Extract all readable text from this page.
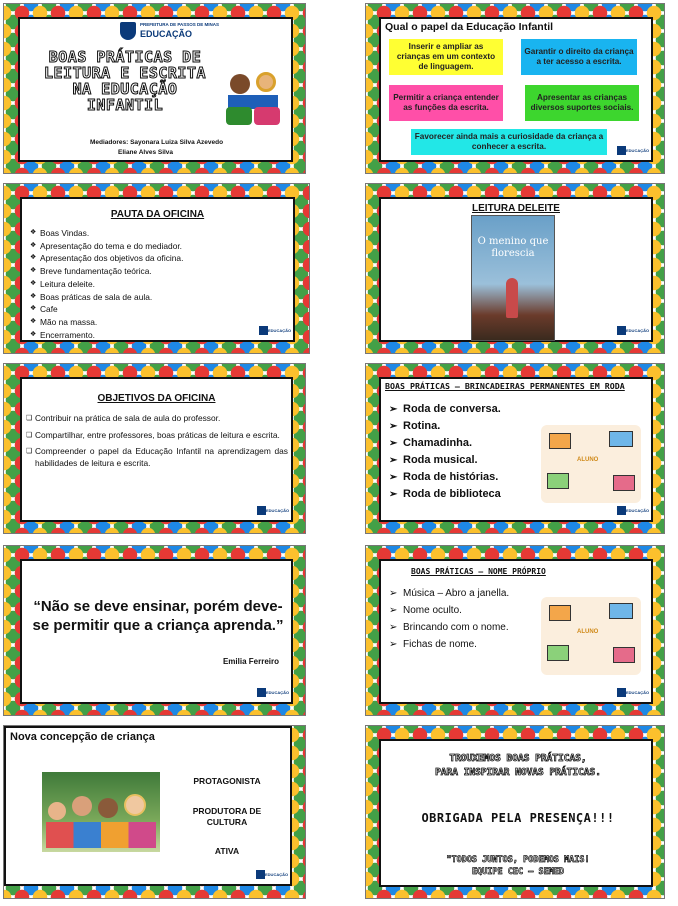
PREFEITURA DE PASSOS DE MINAS
EDUCAÇÃO
BOAS PRÁTICAS DE LEITURA E ESCRITA NA EDUCAÇÃO INFANTIL
Mediadores: Sayonara Luiza Silva Azevedo
Eliane Alves Silva
Qual o papel da Educação Infantil
Inserir e ampliar as crianças em um contexto de linguagem.
Garantir o direito da criança a ter acesso a escrita.
Permitir a criança entender as funções da escrita.
Apresentar as crianças diversos suportes sociais.
Favorecer ainda mais a curiosidade da criança a conhecer a escrita.	EDUCAÇÃO
PAUTA DA OFICINA
❖ Boas Vindas.
❖ Apresentação do tema e do mediador.
❖ Apresentação dos objetivos da oficina.
❖ Breve fundamentação teórica.
❖ Leitura deleite.
❖ Boas práticas de sala de aula.
❖ Cafe
❖ Mão na massa.
❖ Encerramento.	EDUCAÇÃO
LEITURA DELEITE
O menino que florescia
EDUCAÇÃO
OBJETIVOS DA OFICINA
❏ Contribuir na prática de sala de aula do professor.
❏ Compartilhar, entre professores, boas práticas de leitura e escrita.
❏ Compreender o papel da Educação Infantil na aprendizagem das habilidades de leitura e escrita.
EDUCAÇÃO
BOAS PRÁTICAS – BRINCADEIRAS PERMANENTES EM RODA
➢ Roda de conversa.
➢ Rotina.
➢ Chamadinha.
➢ Roda musical.
➢ Roda de histórias.
➢ Roda de biblioteca
ALUNO
EDUCAÇÃO
“Não se deve ensinar, porém deve-se permitir que a criança aprenda.”
Emilia Ferreiro
EDUCAÇÃO
BOAS PRÁTICAS – NOME PRÓPRIO
➢ Música – Abro a janella.
➢ Nome oculto.
➢ Brincando com o nome.
➢ Fichas de nome.
ALUNO
EDUCAÇÃO
Nova concepção de criança
PROTAGONISTA
PRODUTORA DE CULTURA
ATIVA
EDUCAÇÃO
TROUXEMOS BOAS PRÁTICAS,
PARA INSPIRAR NOVAS PRÁTICAS.
OBRIGADA PELA PRESENÇA!!!
"TODOS JUNTOS, PODEMOS MAIS!
EQUIPE CEC – SEMED
